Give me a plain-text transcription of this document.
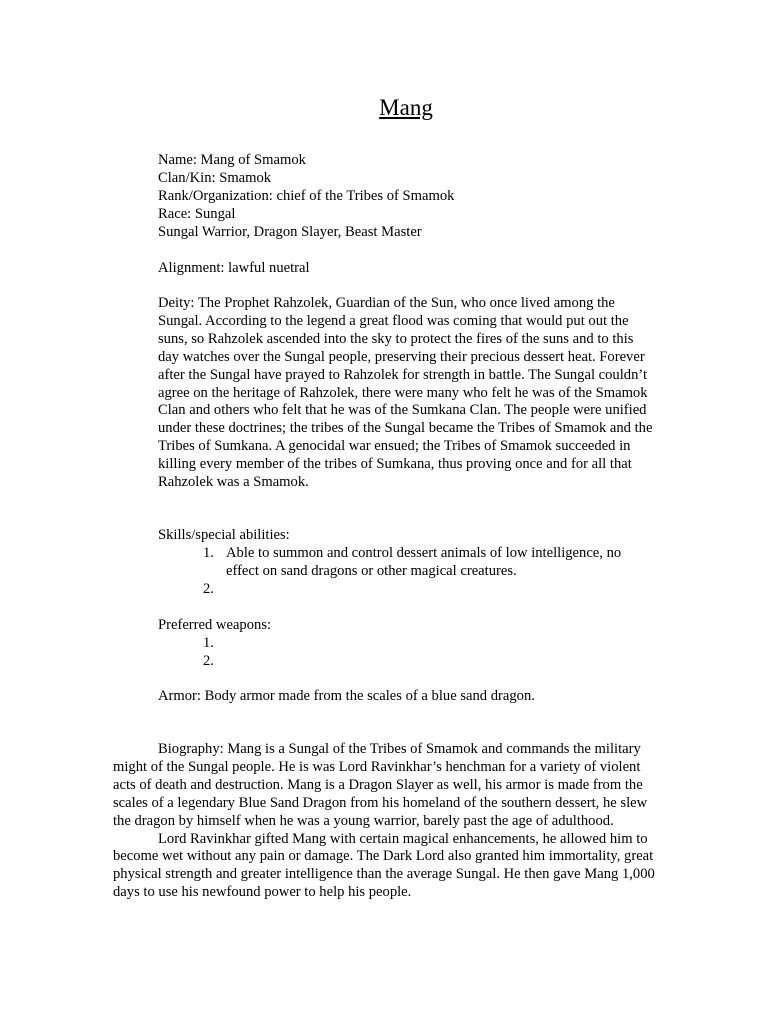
Mang

Name: Mang of Smamok

Clan/Kin: Smamok

Rank/Organization: chief of the Tribes of Smamok

Race: Sungal

Sungal Warrior, Dragon Slayer, Beast Master

Alignment: lawful nuetral

Deity: The Prophet Rahzolek, Guardian of the Sun, who once lived among the Sungal. According to the legend a great flood was coming that would put out the suns, so Rahzolek ascended into the sky to protect the fires of the suns and to this day watches over the Sungal people, preserving their precious dessert heat. Forever after the Sungal have prayed to Rahzolek for strength in battle. The Sungal couldn’t agree on the heritage of Rahzolek, there were many who felt he was of the Smamok Clan and others who felt that he was of the Sumkana Clan. The people were unified under these doctrines; the tribes of the Sungal became the Tribes of Smamok and the Tribes of Sumkana. A genocidal war ensued; the Tribes of Smamok succeeded in killing every member of the tribes of Sumkana, thus proving once and for all that Rahzolek was a Smamok.

Skills/special abilities:

1. Able to summon and control dessert animals of low intelligence, no effect on sand dragons or other magical creatures.
2.

Preferred weapons:

1.

2.

Armor: Body armor made from the scales of a blue sand dragon.

Biography: Mang is a Sungal of the Tribes of Smamok and commands the military might of the Sungal people. He is was Lord Ravinkhar’s henchman for a variety of violent acts of death and destruction. Mang is a Dragon Slayer as well, his armor is made from the scales of a legendary Blue Sand Dragon from his homeland of the southern dessert, he slew the dragon by himself when he was a young warrior, barely past the age of adulthood.

Lord Ravinkhar gifted Mang with certain magical enhancements, he allowed him to become wet without any pain or damage. The Dark Lord also granted him immortality, great physical strength and greater intelligence than the average Sungal. He then gave Mang 1,000 days to use his newfound power to help his people.
